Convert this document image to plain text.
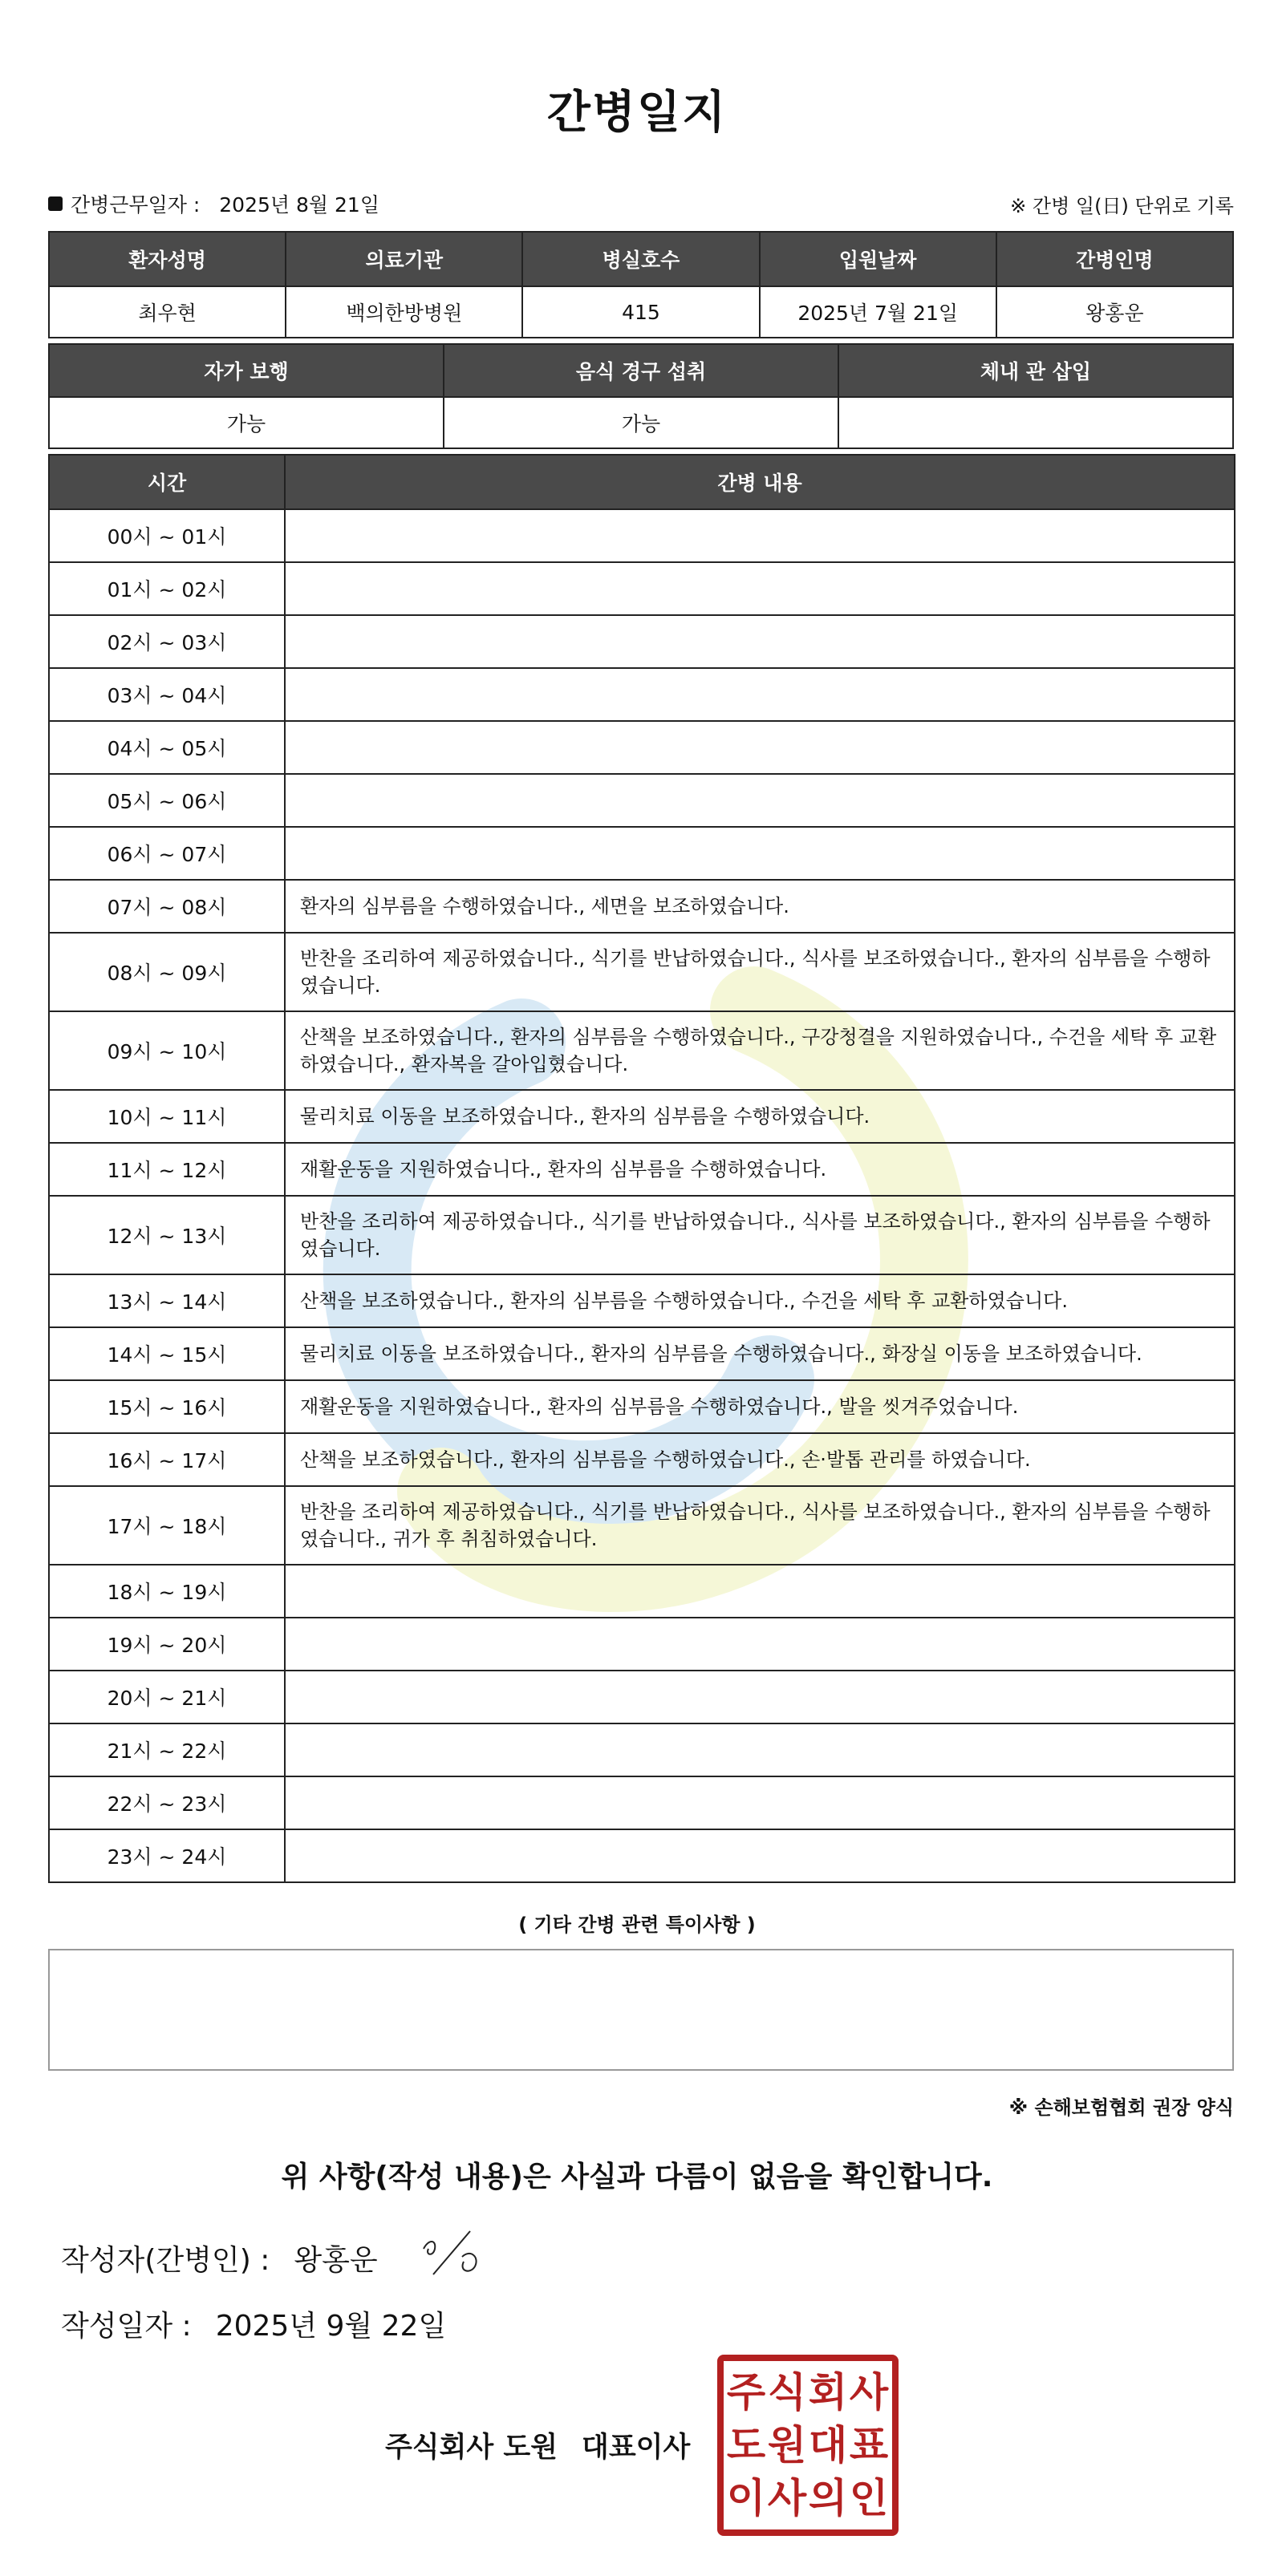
간병일지
간병근무일자 : 2025년 8월 21일	※ 간병 일(日) 단위로 기록
환자성명	의료기관	병실호수	입원날짜	간병인명
최우현	백의한방병원	415	2025년 7월 21일	왕홍운
자가 보행	음식 경구 섭취	체내 관 삽입
가능	가능	
시간	간병 내용
00시 ~ 01시	
01시 ~ 02시	
02시 ~ 03시	
03시 ~ 04시	
04시 ~ 05시	
05시 ~ 06시	
06시 ~ 07시	
07시 ~ 08시	환자의 심부름을 수행하였습니다., 세면을 보조하였습니다.
08시 ~ 09시	반찬을 조리하여 제공하였습니다., 식기를 반납하였습니다., 식사를 보조하였습니다., 환자의 심부름을 수행하였습니다.
09시 ~ 10시	산책을 보조하였습니다., 환자의 심부름을 수행하였습니다., 구강청결을 지원하였습니다., 수건을 세탁 후 교환하였습니다., 환자복을 갈아입혔습니다.
10시 ~ 11시	물리치료 이동을 보조하였습니다., 환자의 심부름을 수행하였습니다.
11시 ~ 12시	재활운동을 지원하였습니다., 환자의 심부름을 수행하였습니다.
12시 ~ 13시	반찬을 조리하여 제공하였습니다., 식기를 반납하였습니다., 식사를 보조하였습니다., 환자의 심부름을 수행하였습니다.
13시 ~ 14시	산책을 보조하였습니다., 환자의 심부름을 수행하였습니다., 수건을 세탁 후 교환하였습니다.
14시 ~ 15시	물리치료 이동을 보조하였습니다., 환자의 심부름을 수행하였습니다., 화장실 이동을 보조하였습니다.
15시 ~ 16시	재활운동을 지원하였습니다., 환자의 심부름을 수행하였습니다., 발을 씻겨주었습니다.
16시 ~ 17시	산책을 보조하였습니다., 환자의 심부름을 수행하였습니다., 손·발톱 관리를 하였습니다.
17시 ~ 18시	반찬을 조리하여 제공하였습니다., 식기를 반납하였습니다., 식사를 보조하였습니다., 환자의 심부름을 수행하였습니다., 귀가 후 취침하였습니다.
18시 ~ 19시	
19시 ~ 20시	
20시 ~ 21시	
21시 ~ 22시	
22시 ~ 23시	
23시 ~ 24시	
( 기타 간병 관련 특이사항 )
※ 손해보험협회 권장 양식
위 사항(작성 내용)은 사실과 다름이 없음을 확인합니다.
작성자(간병인) : 왕홍운
작성일자 : 2025년 9월 22일
주식회사 도원 대표이사
주 식 회 사
도 원 대 표
이 사 의 인
